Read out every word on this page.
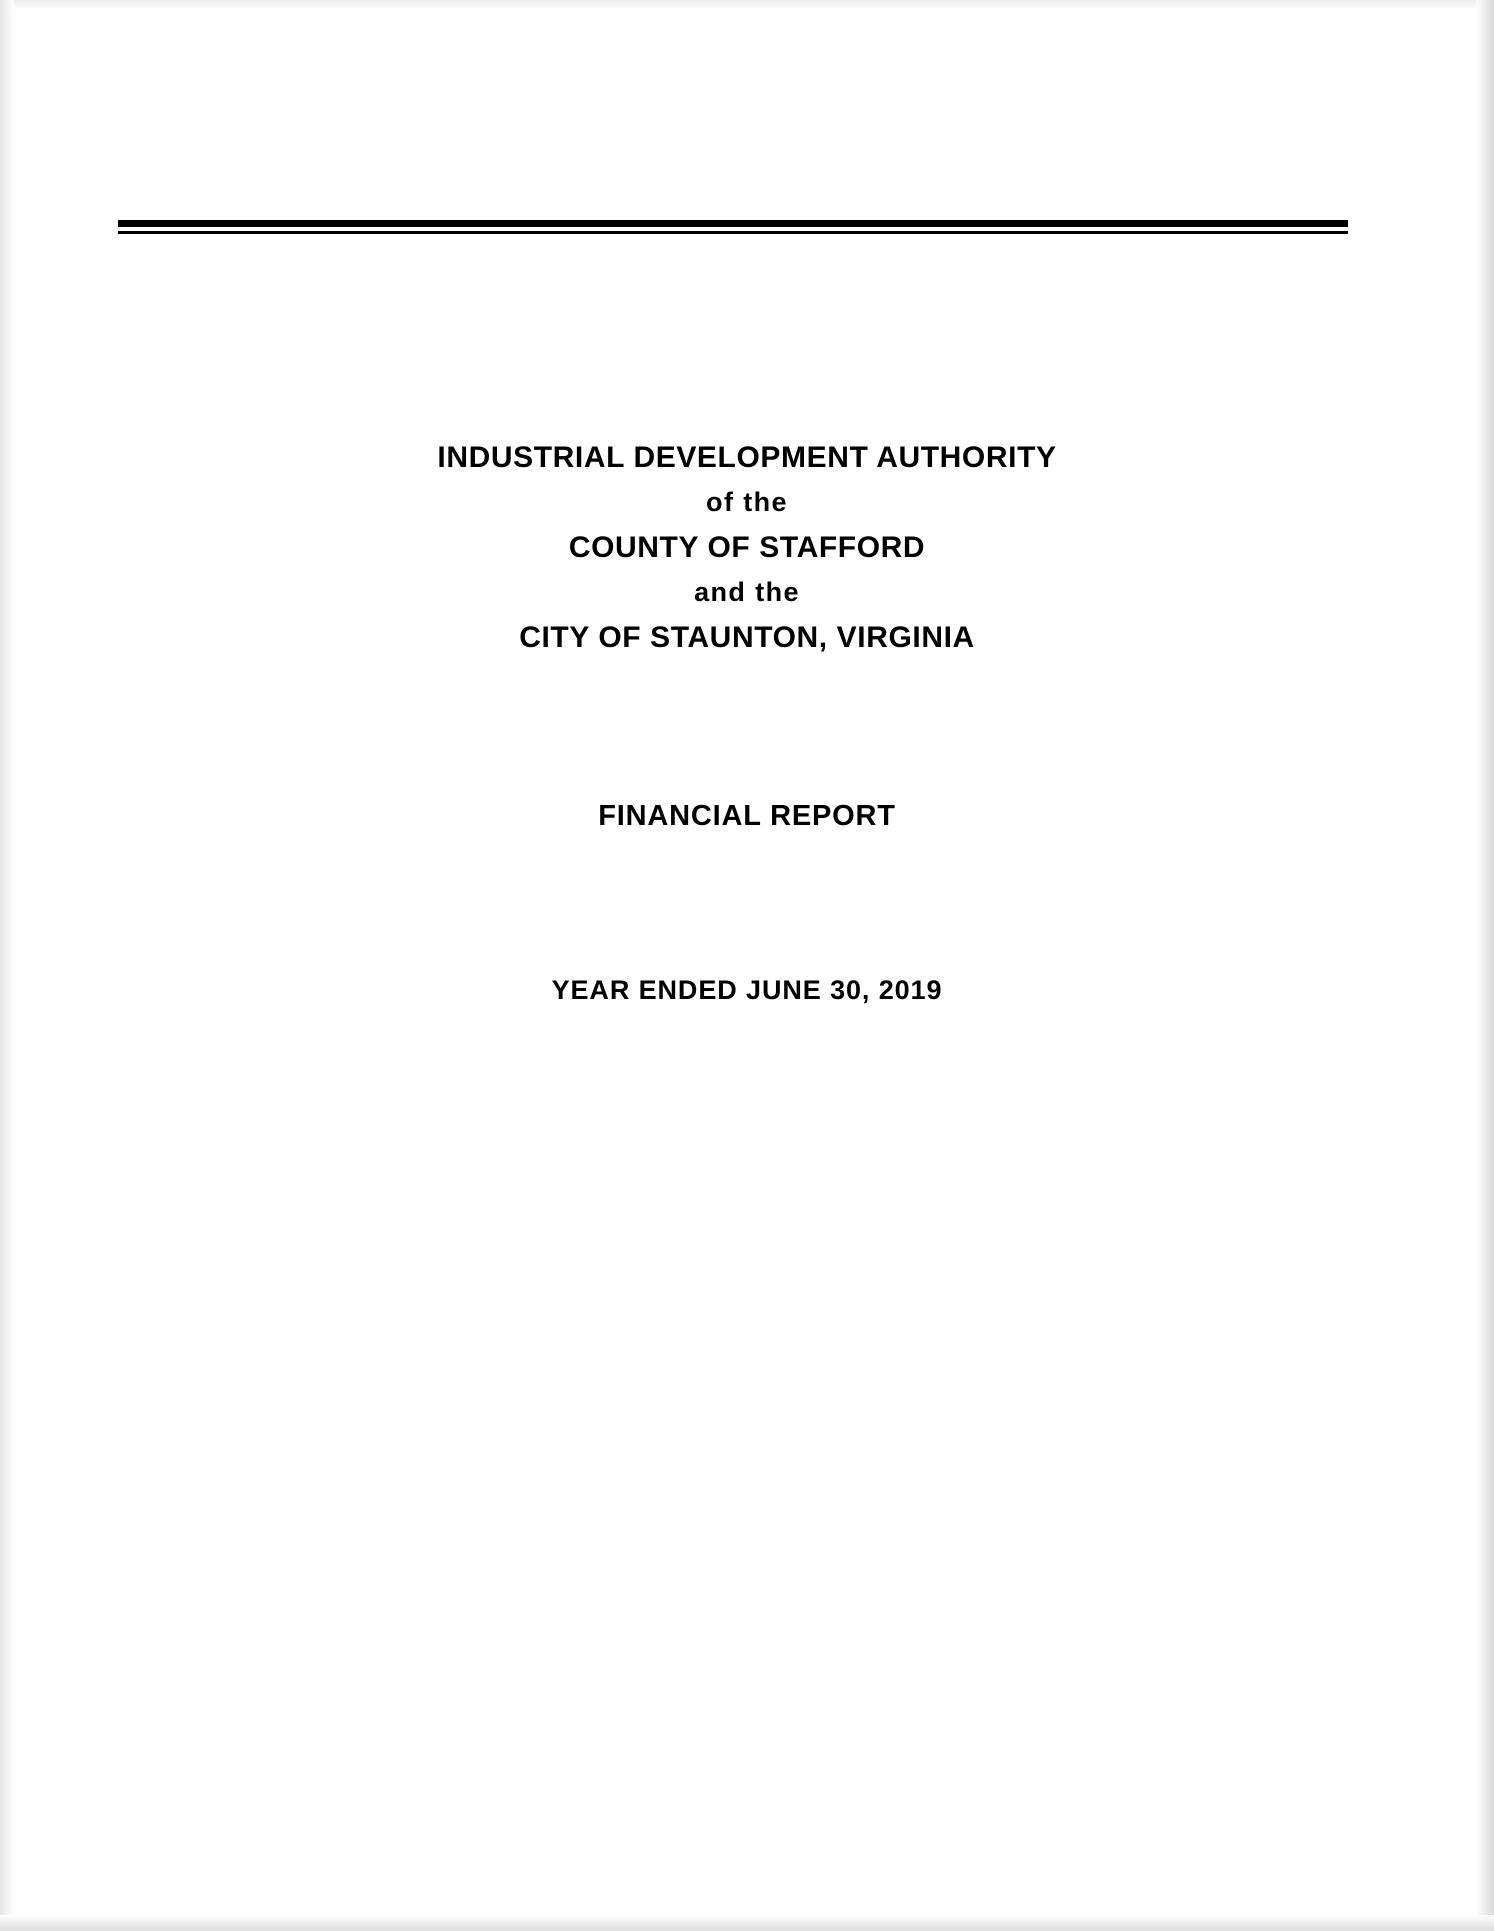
INDUSTRIAL DEVELOPMENT AUTHORITY
of the
COUNTY OF STAFFORD
and the
CITY OF STAUNTON, VIRGINIA
FINANCIAL REPORT
YEAR ENDED JUNE 30, 2019
